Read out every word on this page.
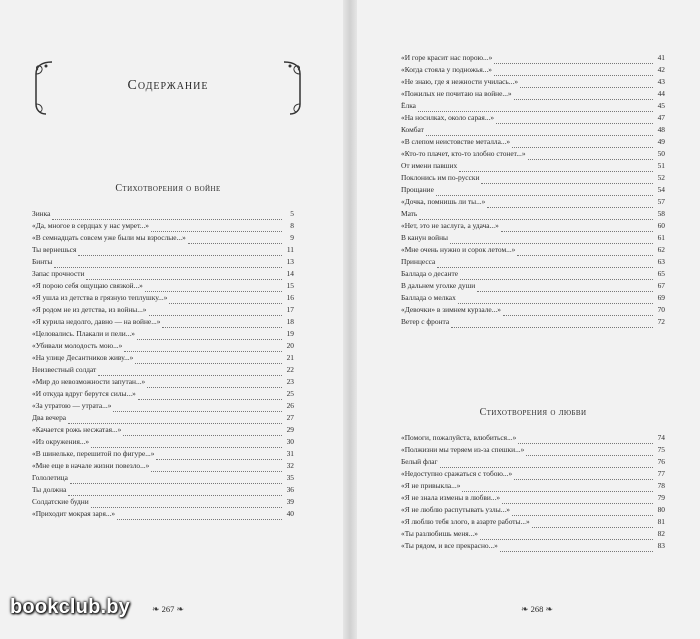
Содержание
Стихотворения о войне
Зинка	5
«Да, многое в сердцах у нас умрет...»	8
«В семнадцать совсем уже были мы взрослые...»	9
Ты вернешься	11
Бинты	13
Запас прочности	14
«Я порою себя ощущаю связкой...»	15
«Я ушла из детства в грязную теплушку...»	16
«Я родом не из детства, из войны...»	17
«Я курила недолго, давно — на войне...»	18
«Целовались. Плакали и пели...»	19
«Убивали молодость мою...»	20
«На улице Десантников живу...»	21
Неизвестный солдат	22
«Мир до невозможности запутан...»	23
«И откуда вдруг берутся силы...»	25
«За утратою — утрата...»	26
Два вечера	27
«Качается рожь несжатая...»	29
«Из окружения...»	30
«В шинельке, перешитой по фигуре...»	31
«Мне еще в начале жизни повезло...»	32
Гололетица	35
Ты должна	36
Солдатские будни	39
«Приходит мокрая заря...»	40
❧ 267 ❧
«И горе красит нас порою...»	41
«Когда стояла у подножья...»	42
«Не знаю, где я нежности училась...»	43
«Пожилых не почитаю на войне...»	44
Ёлка	45
«На носилках, около сарая...»	47
Комбат	48
«В слепом неистовстве металла...»	49
«Кто-то плачет, кто-то злобно стонет...»	50
От имени павших	51
Поклонись им по-русски	52
Прощание	54
«Дочка, помнишь ли ты...»	57
Мать	58
«Нет, это не заслуга, а удача...»	60
В канун войны	61
«Мне очень нужно и сорок летом...»	62
Принцесса	63
Баллада о десанте	65
В дальнем уголке души	67
Баллада о мелках	69
«Девочки» в зимнем курзале...»	70
Ветер с фронта	72
Стихотворения о любви
«Помоги, пожалуйста, влюбиться...»	74
«Полжизни мы теряем из-за спешки...»	75
Белый флаг	76
«Недоступно сражаться с тобою...»	77
«Я не привыкла...»	78
«Я не знала измены в любви...»	79
«Я не люблю распутывать узлы...»	80
«Я люблю тебя злого, в азарте работы...»	81
«Ты разлюбишь меня...»	82
«Ты рядом, и все прекрасно...»	83
❧ 268 ❧
bookclub.by
